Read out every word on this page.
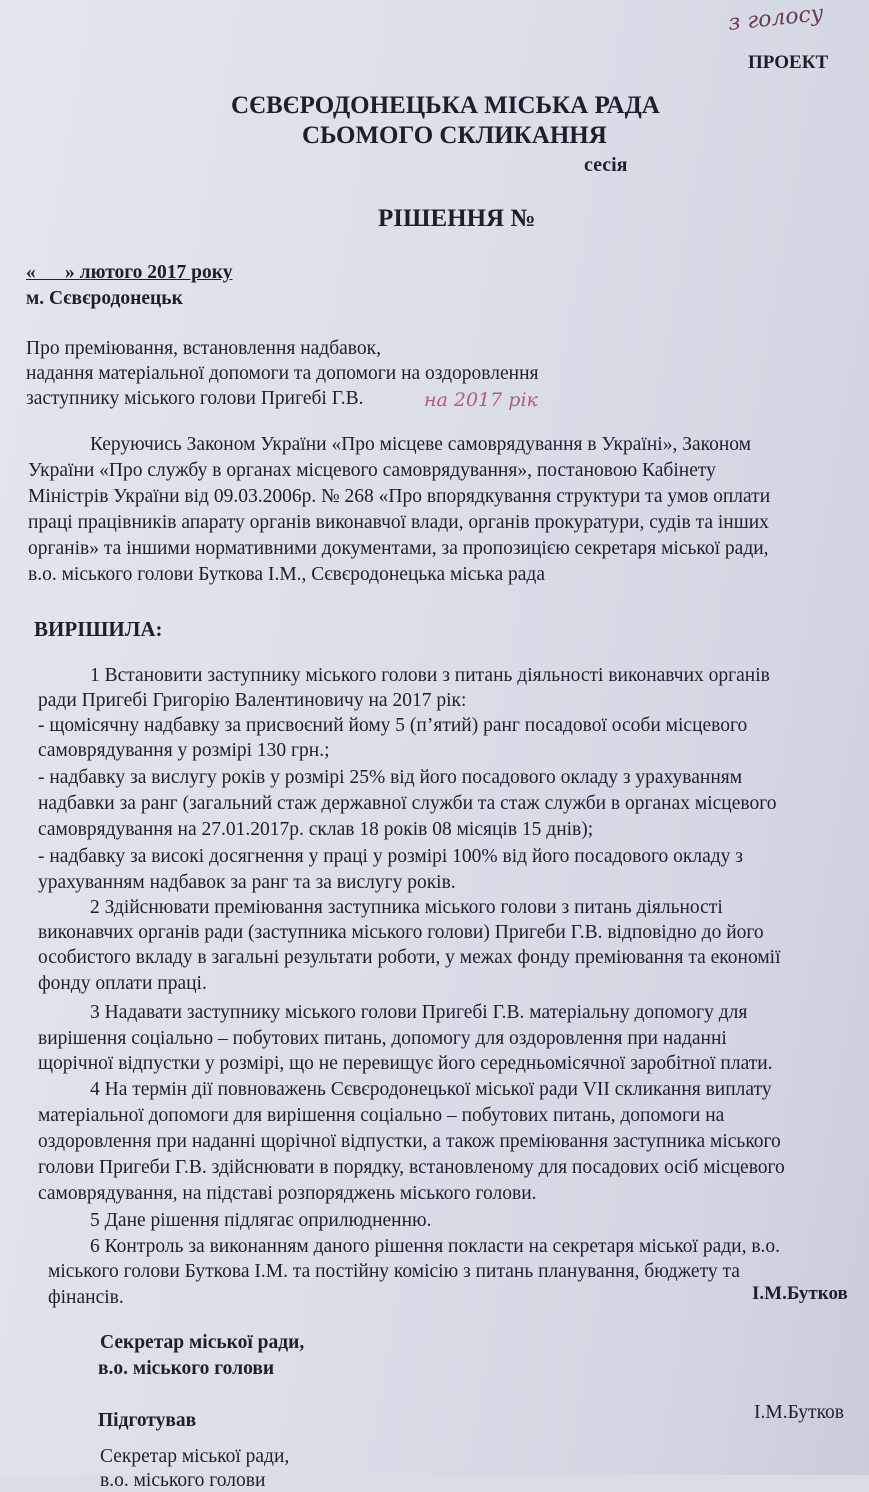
з голосу
ПРОЕКТ
СЄВЄРОДОНЕЦЬКА МІСЬКА РАДА
СЬОМОГО СКЛИКАННЯ
сесія
РІШЕННЯ №
«      » лютого 2017 року
м. Сєвєродонецьк
Про преміювання, встановлення надбавок,
надання матеріальної допомоги та допомоги на оздоровлення
заступнику міського голови Пригебі Г.В.	на 2017 рік
Керуючись Законом України «Про місцеве самоврядування в Україні», Законом
України «Про службу в органах місцевого самоврядування», постановою Кабінету
Міністрів України від 09.03.2006р. № 268 «Про впорядкування структури та умов оплати
праці працівників апарату органів виконавчої влади, органів прокуратури, судів та інших
органів» та іншими нормативними документами, за пропозицією секретаря міської ради,
в.о. міського голови Буткова І.М., Сєвєродонецька міська рада
ВИРІШИЛА:
1 Встановити заступнику міського голови з питань діяльності виконавчих органів
ради Пригебі Григорію Валентиновичу на 2017 рік:
- щомісячну надбавку за присвоєний йому 5 (п’ятий) ранг посадової особи місцевого
самоврядування у розмірі 130 грн.;
- надбавку за вислугу років у розмірі 25% від його посадового окладу з урахуванням
надбавки за ранг (загальний стаж державної служби та стаж служби в органах місцевого
самоврядування на 27.01.2017р. склав 18 років 08 місяців 15 днів);
- надбавку за високі досягнення у праці у розмірі 100% від його посадового окладу з
урахуванням надбавок за ранг та за вислугу років.
2 Здійснювати преміювання заступника міського голови з питань діяльності
виконавчих органів ради (заступника міського голови) Пригеби Г.В. відповідно до його
особистого вкладу в загальні результати роботи, у межах фонду преміювання та економії
фонду оплати праці.
3 Надавати заступнику міського голови Пригебі Г.В. матеріальну допомогу для
вирішення соціально – побутових питань, допомогу для оздоровлення при наданні
щорічної відпустки у розмірі, що не перевищує його середньомісячної заробітної плати.
4 На термін дії повноважень Сєвєродонецької міської ради VII скликання виплату
матеріальної допомоги для вирішення соціально – побутових питань, допомоги на
оздоровлення при наданні щорічної відпустки, а також преміювання заступника міського
голови Пригеби Г.В. здійснювати в порядку, встановленому для посадових осіб місцевого
самоврядування, на підставі розпоряджень міського голови.
5 Дане рішення підлягає оприлюдненню.
6 Контроль за виконанням даного рішення покласти на секретаря міської ради, в.о.
міського голови Буткова І.М. та постійну комісію з питань планування, бюджету та
фінансів.	І.М.Бутков
Секретар міської ради,
в.о. міського голови
Підготував	І.М.Бутков
Секретар міської ради,
в.о. міського голови
